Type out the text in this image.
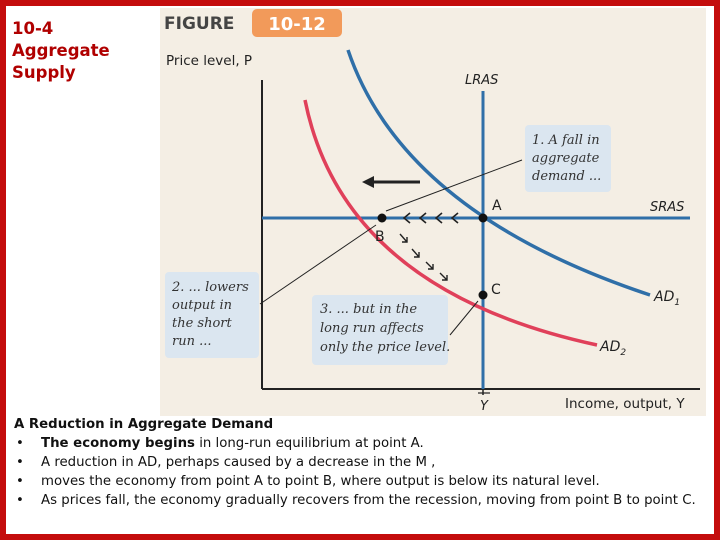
10-4
Aggregate
Supply
FIGURE 10-12
Price level, P
Income, output, Y
Y
SRAS
LRAS
$AD_1$
$AD_2$
A
B
C
1. A fall in aggregate demand ...
2. ... lowers output in the short run ...
3. ... but in the long run affects only the price level.
A Reduction in Aggregate Demand
• The economy begins in long-run equilibrium at point A.
• A reduction in AD, perhaps caused by a decrease in the M ,
• moves the economy from point A to point B, where output is below its natural level.
• As prices fall, the economy gradually recovers from the recession, moving from point B to point C.
